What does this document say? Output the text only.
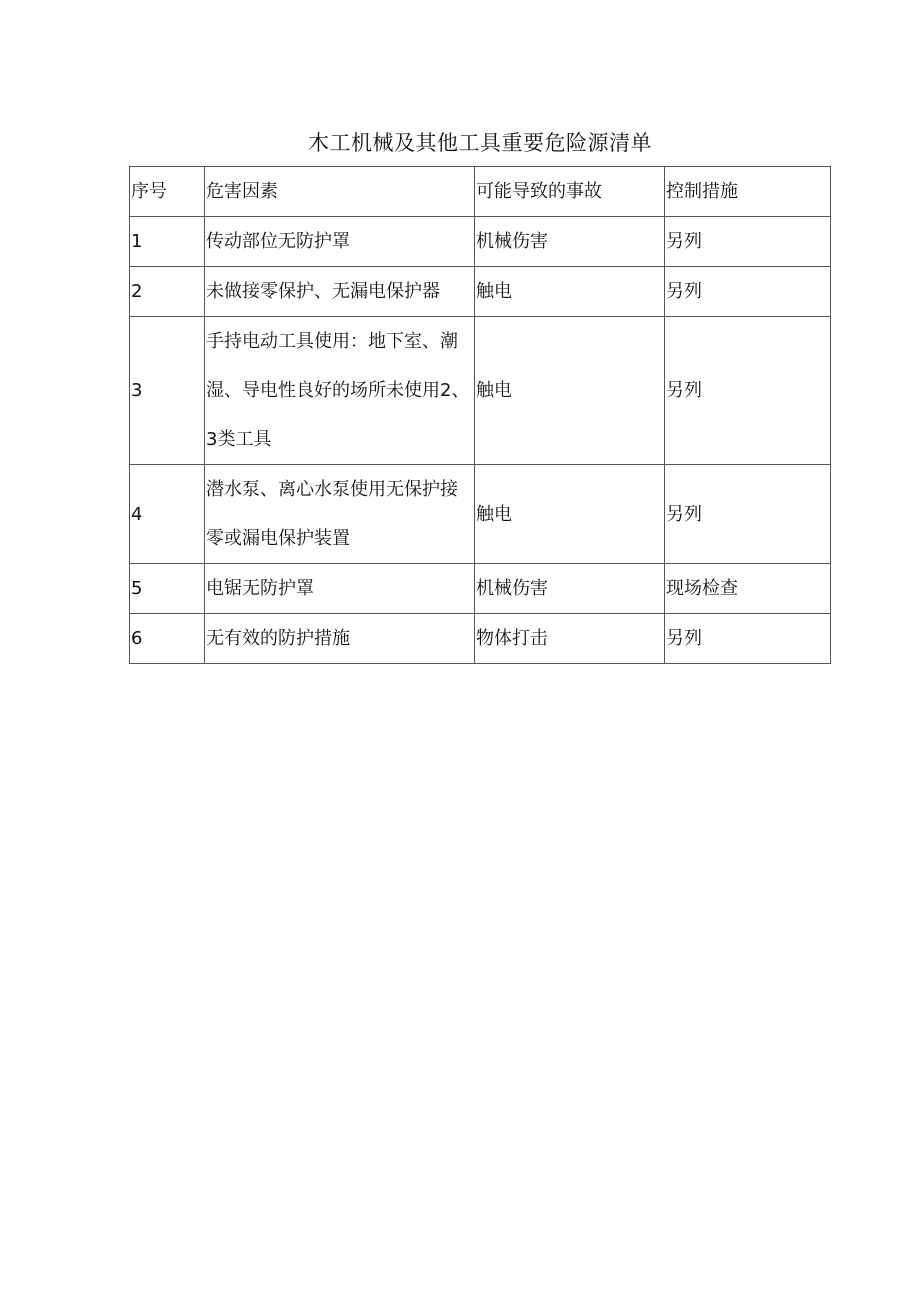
木工机械及其他工具重要危险源清单
序号	危害因素	可能导致的事故	控制措施
1	传动部位无防护罩	机械伤害	另列
2	未做接零保护、无漏电保护器	触电	另列
3	手持电动工具使用：地下室、潮湿、导电性良好的场所未使用2、3类工具	触电	另列
4	潜水泵、离心水泵使用无保护接零或漏电保护装置	触电	另列
5	电锯无防护罩	机械伤害	现场检查
6	无有效的防护措施	物体打击	另列
